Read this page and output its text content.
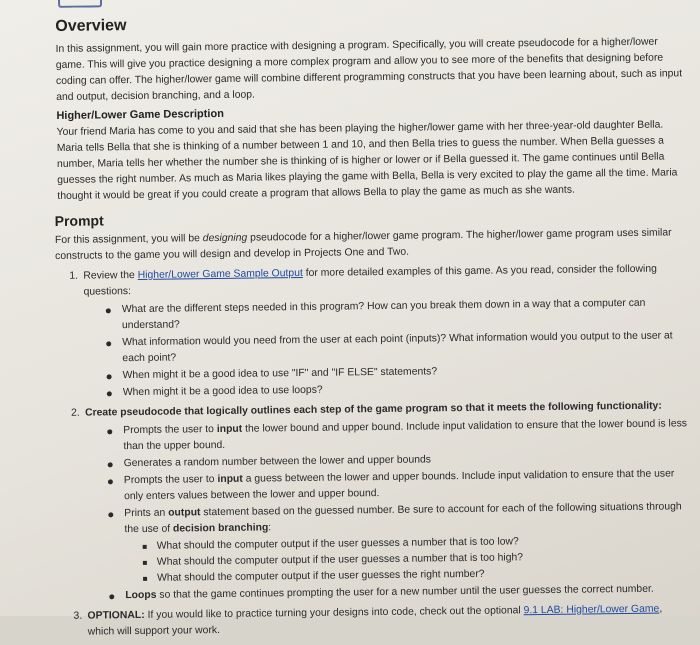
Overview

In this assignment, you will gain more practice with designing a program. Specifically, you will create pseudocode for a higher/lower game. This will give you practice designing a more complex program and allow you to see more of the benefits that designing before coding can offer. The higher/lower game will combine different programming constructs that you have been learning about, such as input and output, decision branching, and a loop.

Higher/Lower Game Description

Your friend Maria has come to you and said that she has been playing the higher/lower game with her three-year-old daughter Bella. Maria tells Bella that she is thinking of a number between 1 and 10, and then Bella tries to guess the number. When Bella guesses a number, Maria tells her whether the number she is thinking of is higher or lower or if Bella guessed it. The game continues until Bella guesses the right number. As much as Maria likes playing the game with Bella, Bella is very excited to play the game all the time. Maria thought it would be great if you could create a program that allows Bella to play the game as much as she wants.

Prompt

For this assignment, you will be designing pseudocode for a higher/lower game program. The higher/lower game program uses similar constructs to the game you will design and develop in Projects One and Two.

1. Review the Higher/Lower Game Sample Output for more detailed examples of this game. As you read, consider the following questions:
What are the different steps needed in this program? How can you break them down in a way that a computer can understand?
What information would you need from the user at each point (inputs)? What information would you output to the user at each point?
When might it be a good idea to use "IF" and "IF ELSE" statements?
When might it be a good idea to use loops?
2. Create pseudocode that logically outlines each step of the game program so that it meets the following functionality:
Prompts the user to input the lower bound and upper bound. Include input validation to ensure that the lower bound is less than the upper bound.
Generates a random number between the lower and upper bounds
Prompts the user to input a guess between the lower and upper bounds. Include input validation to ensure that the user only enters values between the lower and upper bound.
Prints an output statement based on the guessed number. Be sure to account for each of the following situations through the use of decision branching:
What should the computer output if the user guesses a number that is too low?
What should the computer output if the user guesses a number that is too high?
What should the computer output if the user guesses the right number?
Loops so that the game continues prompting the user for a new number until the user guesses the correct number.
3. OPTIONAL: If you would like to practice turning your designs into code, check out the optional 9.1 LAB: Higher/Lower Game, which will support your work.
